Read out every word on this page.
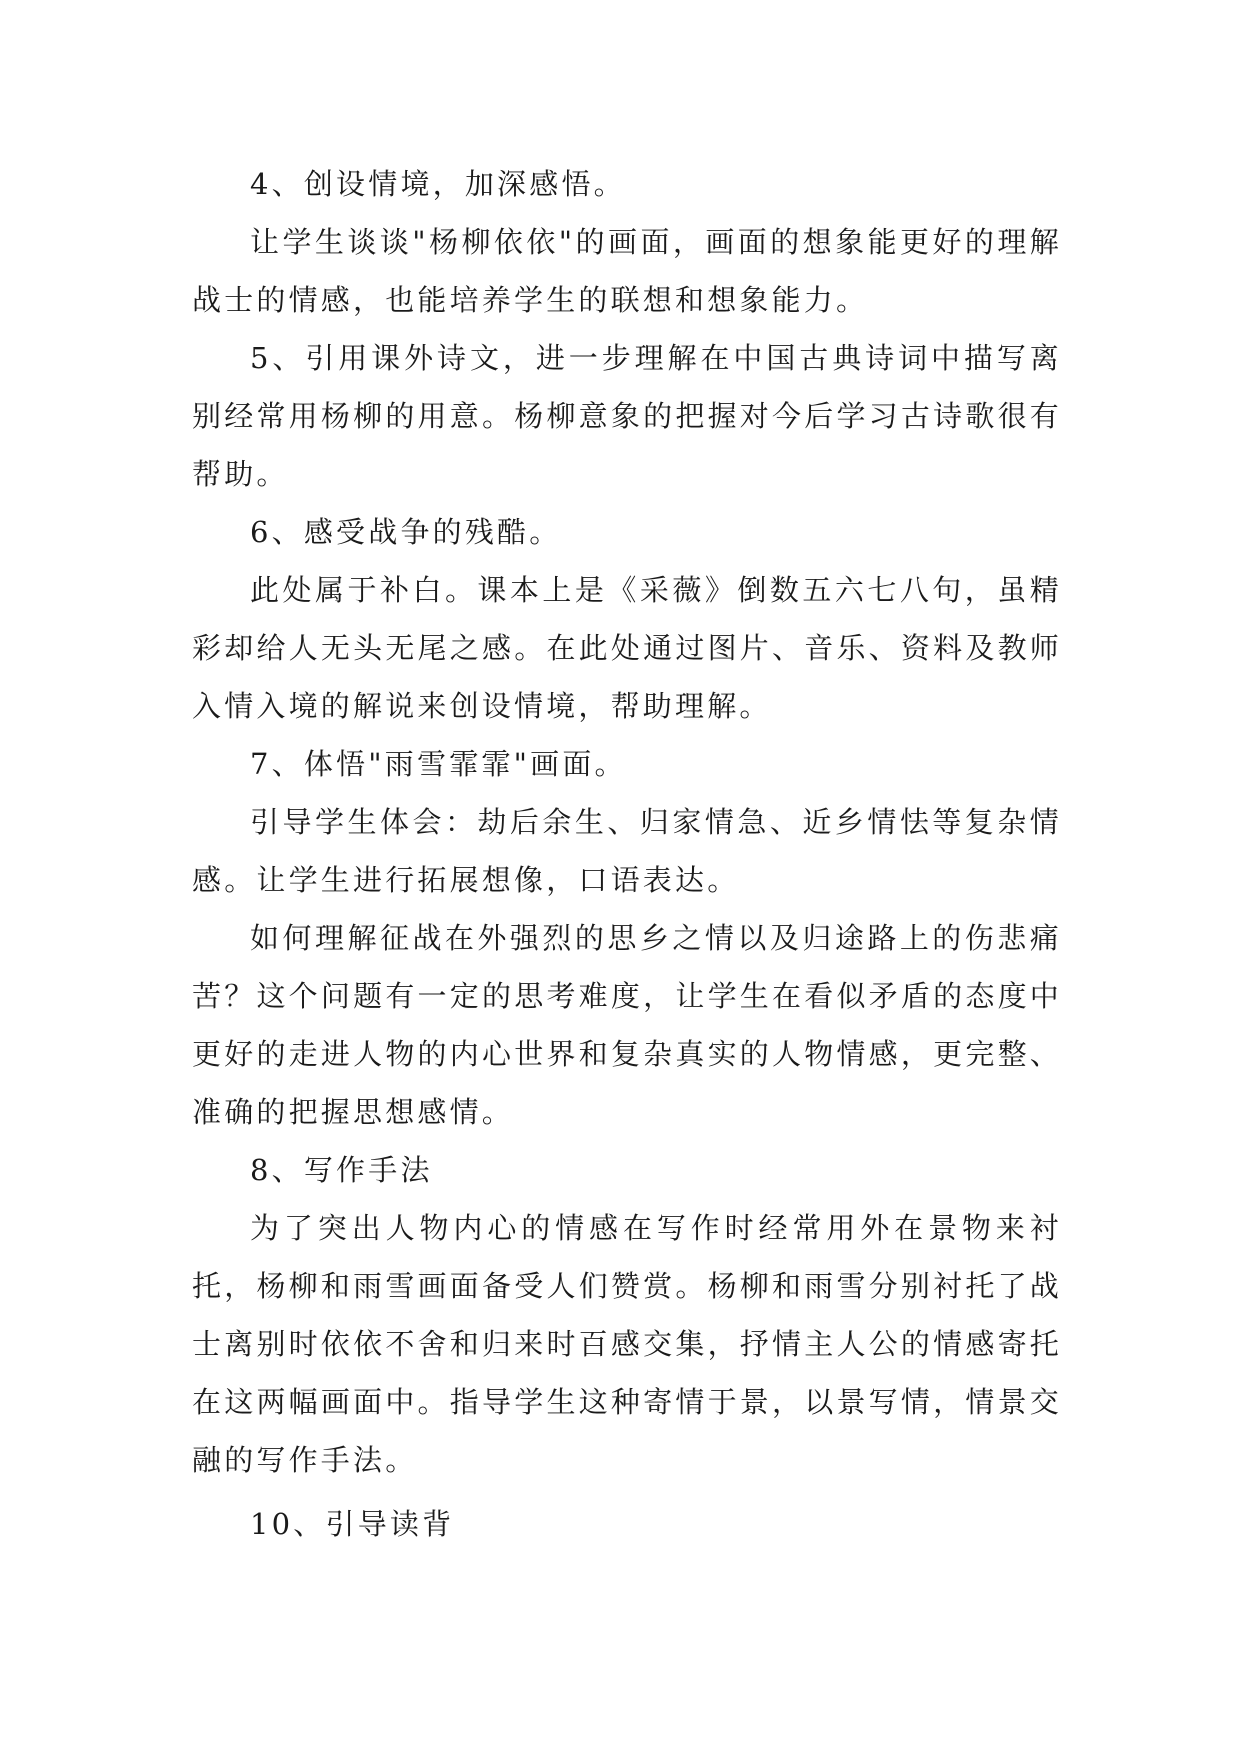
4、创设情境，加深感悟。

让学生谈谈"杨柳依依"的画面，画面的想象能更好的理解战士的情感，也能培养学生的联想和想象能力。

5、引用课外诗文，进一步理解在中国古典诗词中描写离别经常用杨柳的用意。杨柳意象的把握对今后学习古诗歌很有帮助。

6、感受战争的残酷。

此处属于补白。课本上是《采薇》倒数五六七八句，虽精彩却给人无头无尾之感。在此处通过图片、音乐、资料及教师入情入境的解说来创设情境，帮助理解。

7、体悟"雨雪霏霏"画面。

引导学生体会：劫后余生、归家情急、近乡情怯等复杂情感。让学生进行拓展想像，口语表达。

如何理解征战在外强烈的思乡之情以及归途路上的伤悲痛苦？这个问题有一定的思考难度，让学生在看似矛盾的态度中更好的走进人物的内心世界和复杂真实的人物情感，更完整、准确的把握思想感情。

8、写作手法

为了突出人物内心的情感在写作时经常用外在景物来衬托，杨柳和雨雪画面备受人们赞赏。杨柳和雨雪分别衬托了战士离别时依依不舍和归来时百感交集，抒情主人公的情感寄托在这两幅画面中。指导学生这种寄情于景，以景写情，情景交融的写作手法。

10、引导读背
